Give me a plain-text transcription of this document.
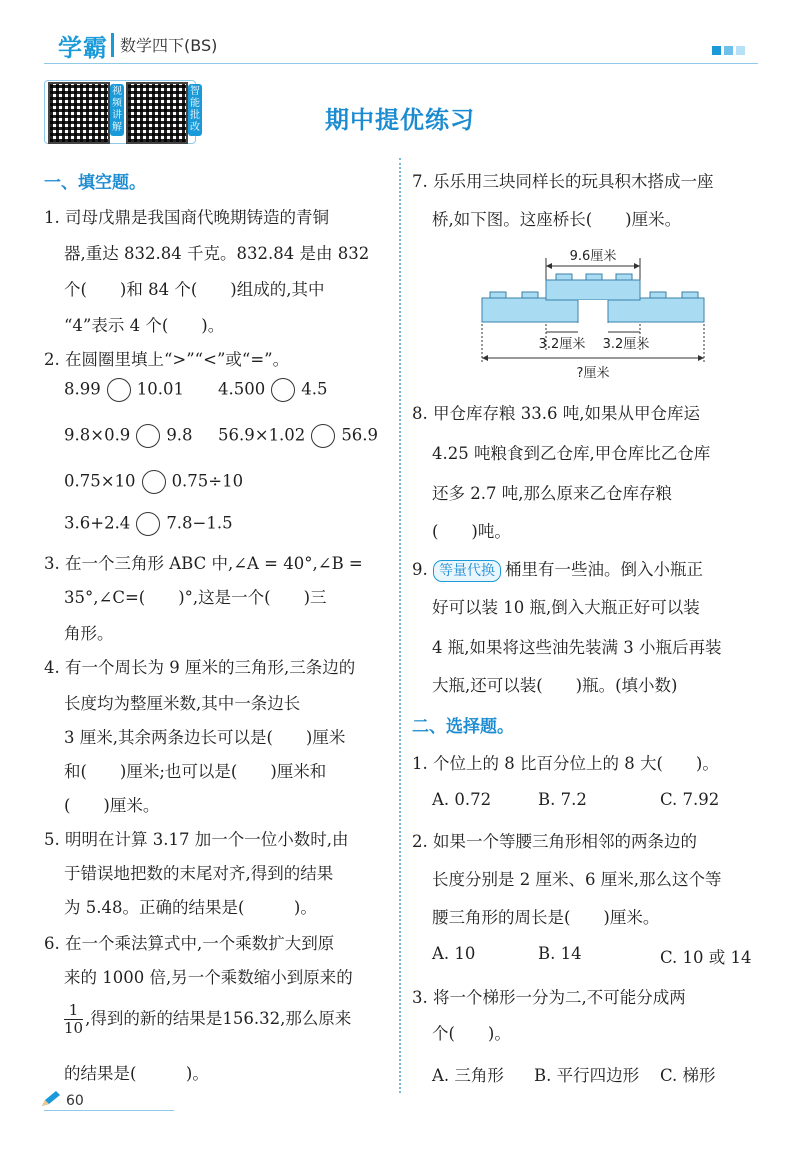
学霸 数学四下(BS)
视频讲解
智能批改	期中提优练习
一、填空题。
1. 司母戊鼎是我国商代晚期铸造的青铜
器,重达 832.84 千克。832.84 是由 832
个(　　)和 84 个(　　)组成的,其中
“4”表示 4 个(　　)。
2. 在圆圈里填上“>”“<”或“=”。
8.99 10.01 4.500 4.5
9.8×0.9 9.8 56.9×1.02 56.9
0.75×10 0.75÷10
3.6+2.4 7.8−1.5
3. 在一个三角形 ABC 中,∠A = 40°,∠B =
35°,∠C=(　　)°,这是一个(　　)三
角形。
4. 有一个周长为 9 厘米的三角形,三条边的
长度均为整厘米数,其中一条边长
3 厘米,其余两条边长可以是(　　)厘米
和(　　)厘米;也可以是(　　)厘米和
(　　)厘米。
5. 明明在计算 3.17 加一个一位小数时,由
于错误地把数的末尾对齐,得到的结果
为 5.48。正确的结果是(　　　)。
6. 在一个乘法算式中,一个乘数扩大到原
来的 1000 倍,另一个乘数缩小到原来的
$\frac{1}{10}$ ,得到的新的结果是156.32,那么原来
的结果是(　　　)。
7. 乐乐用三块同样长的玩具积木搭成一座
桥,如下图。这座桥长(　　)厘米。
9.6厘米
3.2厘米 3.2厘米
?厘米
8. 甲仓库存粮 33.6 吨,如果从甲仓库运
4.25 吨粮食到乙仓库,甲仓库比乙仓库
还多 2.7 吨,那么原来乙仓库存粮
(　　)吨。
9. 等量代换 桶里有一些油。倒入小瓶正
好可以装 10 瓶,倒入大瓶正好可以装
4 瓶,如果将这些油先装满 3 小瓶后再装
大瓶,还可以装(　　)瓶。(填小数)
二、选择题。
1. 个位上的 8 比百分位上的 8 大(　　)。
A. 0.72	B. 7.2	C. 7.92
2. 如果一个等腰三角形相邻的两条边的
长度分别是 2 厘米、6 厘米,那么这个等
腰三角形的周长是(　　)厘米。
A. 10	B. 14	C. 10 或 14
3. 将一个梯形一分为二,不可能分成两
个(　　)。
A. 三角形 B. 平行四边形 C. 梯形
60
